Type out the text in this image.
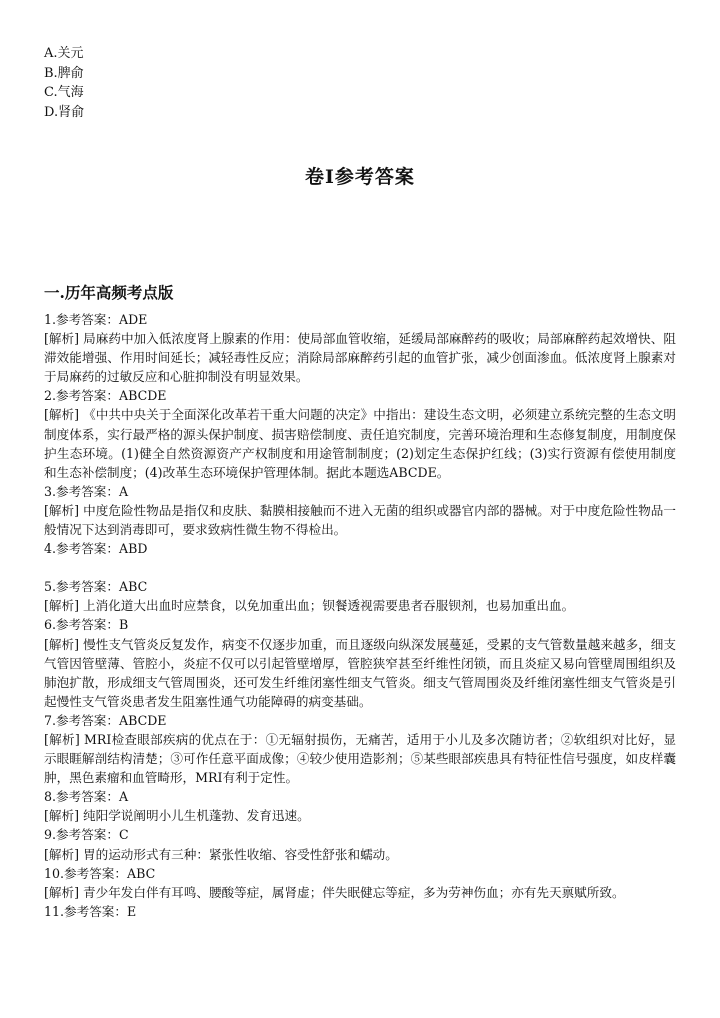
A.关元
B.脾俞
C.气海
D.肾俞
卷I参考答案
一.历年高频考点版
1.参考答案：ADE
[解析] 局麻药中加入低浓度肾上腺素的作用：使局部血管收缩，延缓局部麻醉药的吸收；局部麻醉药起效增快、阻滞效能增强、作用时间延长；减轻毒性反应；消除局部麻醉药引起的血管扩张，减少创面渗血。低浓度肾上腺素对于局麻药的过敏反应和心脏抑制没有明显效果。
2.参考答案：ABCDE
[解析] 《中共中央关于全面深化改革若干重大问题的决定》中指出：建设生态文明，必须建立系统完整的生态文明制度体系，实行最严格的源头保护制度、损害赔偿制度、责任追究制度，完善环境治理和生态修复制度，用制度保护生态环境。(1)健全自然资源资产产权制度和用途管制制度；(2)划定生态保护红线；(3)实行资源有偿使用制度和生态补偿制度；(4)改革生态环境保护管理体制。据此本题选ABCDE。
3.参考答案：A
[解析] 中度危险性物品是指仅和皮肤、黏膜相接触而不进入无菌的组织或器官内部的器械。对于中度危险性物品一般情况下达到消毒即可，要求致病性微生物不得检出。
4.参考答案：ABD
5.参考答案：ABC
[解析] 上消化道大出血时应禁食，以免加重出血；钡餐透视需要患者吞服钡剂，也易加重出血。
6.参考答案：B
[解析] 慢性支气管炎反复发作，病变不仅逐步加重，而且逐级向纵深发展蔓延，受累的支气管数量越来越多，细支气管因管壁薄、管腔小，炎症不仅可以引起管壁增厚，管腔狭窄甚至纤维性闭锁，而且炎症又易向管壁周围组织及肺泡扩散，形成细支气管周围炎，还可发生纤维闭塞性细支气管炎。细支气管周围炎及纤维闭塞性细支气管炎是引起慢性支气管炎患者发生阻塞性通气功能障碍的病变基础。
7.参考答案：ABCDE
[解析] MRI检查眼部疾病的优点在于：①无辐射损伤，无痛苦，适用于小儿及多次随访者；②软组织对比好，显示眼睚解剖结构清楚；③可作任意平面成像；④较少使用造影剂；⑤某些眼部疾患具有特征性信号强度，如皮样囊肿，黑色素瘤和血管畸形，MRI有利于定性。
8.参考答案：A
[解析] 纯阳学说阐明小儿生机蓬勃、发育迅速。
9.参考答案：C
[解析] 胃的运动形式有三种：紧张性收缩、容受性舒张和蠕动。
10.参考答案：ABC
[解析] 青少年发白伴有耳鸣、腰酸等症，属肾虚；伴失眠健忘等症，多为劳神伤血；亦有先天禀赋所致。
11.参考答案：E
